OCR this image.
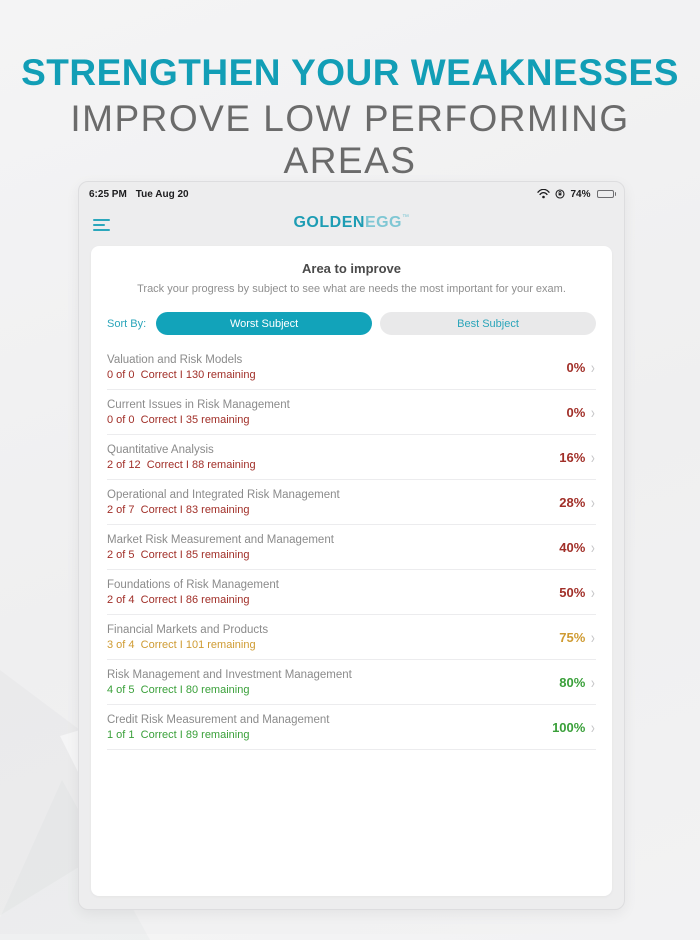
STRENGTHEN YOUR WEAKNESSES
IMPROVE LOW PERFORMING AREAS
6:25 PM Tue Aug 20	74%
GOLDENEGG™
Area to improve
Track your progress by subject to see what are needs the most important for your exam.
Sort By:	Worst Subject	Best Subject
Valuation and Risk Models
0 of 0  Correct I 130 remaining	0% ›
Current Issues in Risk Management
0 of 0  Correct I 35 remaining	0% ›
Quantitative Analysis
2 of 12  Correct I 88 remaining	16% ›
Operational and Integrated Risk Management
2 of 7  Correct I 83 remaining	28% ›
Market Risk Measurement and Management
2 of 5  Correct I 85 remaining	40% ›
Foundations of Risk Management
2 of 4  Correct I 86 remaining	50% ›
Financial Markets and Products
3 of 4  Correct I 101 remaining	75% ›
Risk Management and Investment Management
4 of 5  Correct I 80 remaining	80% ›
Credit Risk Measurement and Management
1 of 1  Correct I 89 remaining	100% ›
